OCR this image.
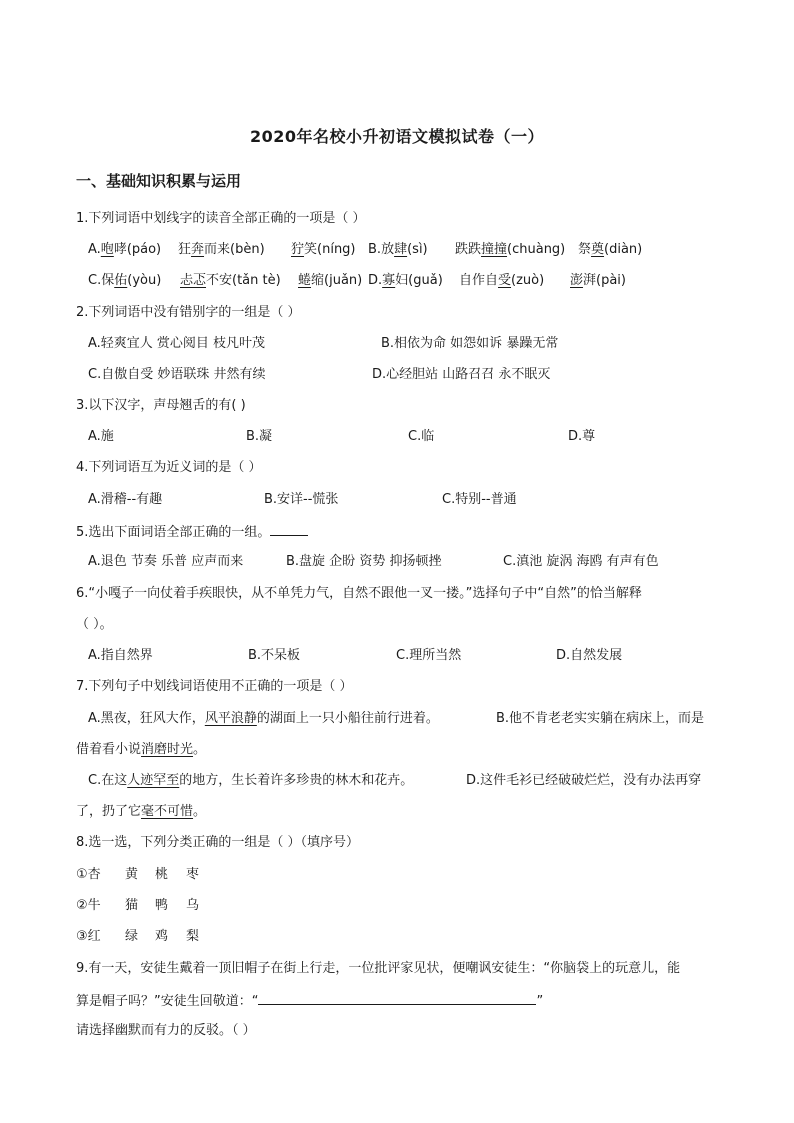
2020年名校小升初语文模拟试卷（一）
一、基础知识积累与运用
1.下列词语中划线字的读音全部正确的一项是（ ）
A.咆哮(páo) 狂奔而来(bèn) 狞笑(níng) B.放肆(sì) 跌跌撞撞(chuàng) 祭奠(diàn)
C.保佑(yòu) 忐忑不安(tǎn tè) 蜷缩(juǎn) D.寡妇(guǎ) 自作自受(zuò) 澎湃(pài)
2.下列词语中没有错别字的一组是（ ）
A.轻爽宜人 赏心阅目 枝凡叶茂	B.相依为命 如怨如诉 暴躁无常
C.自傲自受 妙语联珠 井然有续	D.心经胆站 山路召召 永不眠灭
3.以下汉字，声母翘舌的有( )
A.施	B.凝	C.临	D.尊
4.下列词语互为近义词的是（ ）
A.滑稽--有趣	B.安详--慌张	C.特别--普通
5.选出下面词语全部正确的一组。
A.退色 节奏 乐普 应声而来	B.盘旋 企盼 资势 抑扬顿挫	C.滇池 旋涡 海鸥 有声有色
6.“小嘎子一向仗着手疾眼快，从不单凭力气，自然不跟他一叉一搂。”选择句子中“自然”的恰当解释
（ ）。
A.指自然界	B.不呆板	C.理所当然	D.自然发展
7.下列句子中划线词语使用不正确的一项是（ ）
A.黑夜，狂风大作，风平浪静的湖面上一只小船往前行进着。	B.他不肯老老实实躺在病床上，而是
借着看小说消磨时光。
C.在这人迹罕至的地方，生长着许多珍贵的林木和花卉。	D.这件毛衫已经破破烂烂，没有办法再穿
了，扔了它毫不可惜。
8.选一选，下列分类正确的一组是（ ）（填序号）
①杏 黄 桃 枣
②牛 猫 鸭 乌
③红 绿 鸡 梨
9.有一天，安徒生戴着一顶旧帽子在街上行走，一位批评家见状，便嘲讽安徒生：“你脑袋上的玩意儿，能
算是帽子吗？”安徒生回敬道：“	”
请选择幽默而有力的反驳。（ ）
